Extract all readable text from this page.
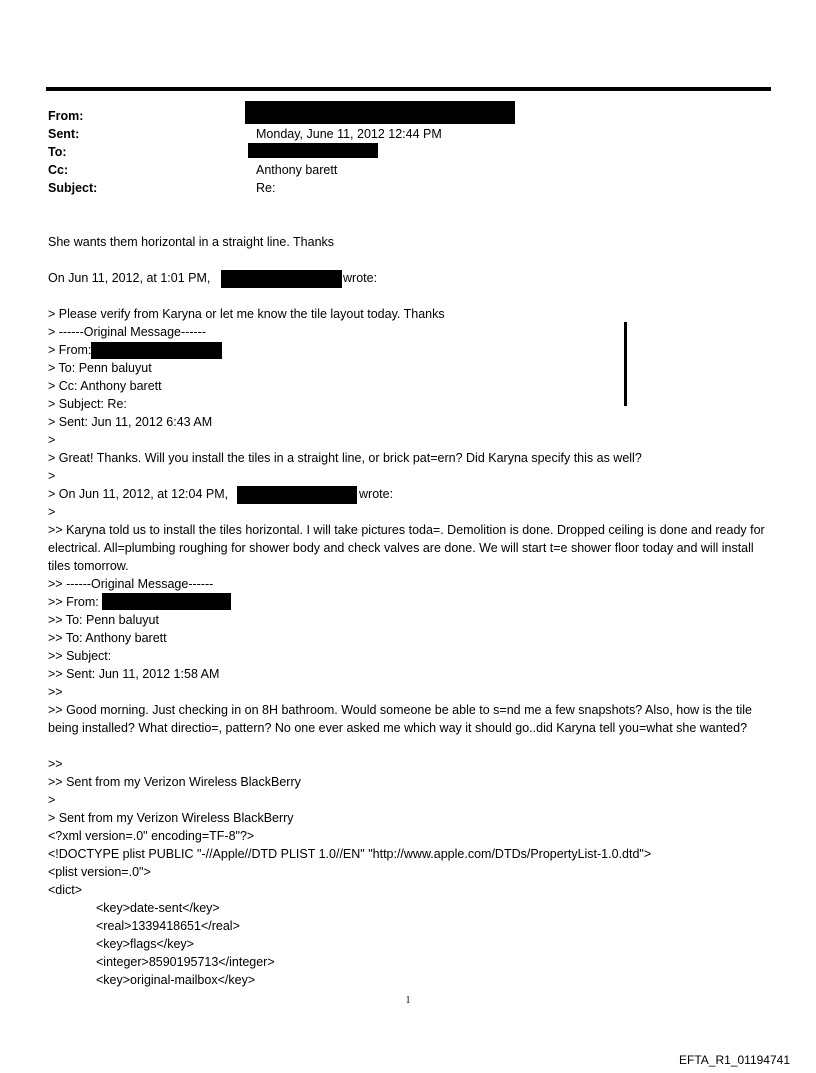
From:
Sent:	Monday, June 11, 2012 12:44 PM
To:
Cc:	Anthony barett
Subject:	Re:
She wants them horizontal in a straight line. Thanks
On Jun 11, 2012, at 1:01 PM,	wrote:
> Please verify from Karyna or let me know the tile layout today. Thanks
> ------Original Message------
> From:
> To: Penn baluyut
> Cc: Anthony barett
> Subject: Re:
> Sent: Jun 11, 2012 6:43 AM
>
> Great! Thanks. Will you install the tiles in a straight line, or brick pat=ern? Did Karyna specify this as well?
>
> On Jun 11, 2012, at 12:04 PM,	wrote:
>
>> Karyna told us to install the tiles horizontal. I will take pictures toda=. Demolition is done. Dropped ceiling is done and ready for electrical. All=plumbing roughing for shower body and check valves are done. We will start t=e shower floor today and will install tiles tomorrow.
>> ------Original Message------
>> From:
>> To: Penn baluyut
>> To: Anthony barett
>> Subject:
>> Sent: Jun 11, 2012 1:58 AM
>>
>> Good morning. Just checking in on 8H bathroom. Would someone be able to s=nd me a few snapshots? Also, how is the tile being installed? What directio=, pattern? No one ever asked me which way it should go..did Karyna tell you=what she wanted?
>>
>> Sent from my Verizon Wireless BlackBerry
>
> Sent from my Verizon Wireless BlackBerry
<?xml version=.0" encoding=TF-8"?>
<!DOCTYPE plist PUBLIC "-//Apple//DTD PLIST 1.0//EN" "http://www.apple.com/DTDs/PropertyList-1.0.dtd">
<plist version=.0">
<dict>
<key>date-sent</key>
<real>1339418651</real>
<key>flags</key>
<integer>8590195713</integer>
<key>original-mailbox</key>
1
EFTA_R1_01194741
